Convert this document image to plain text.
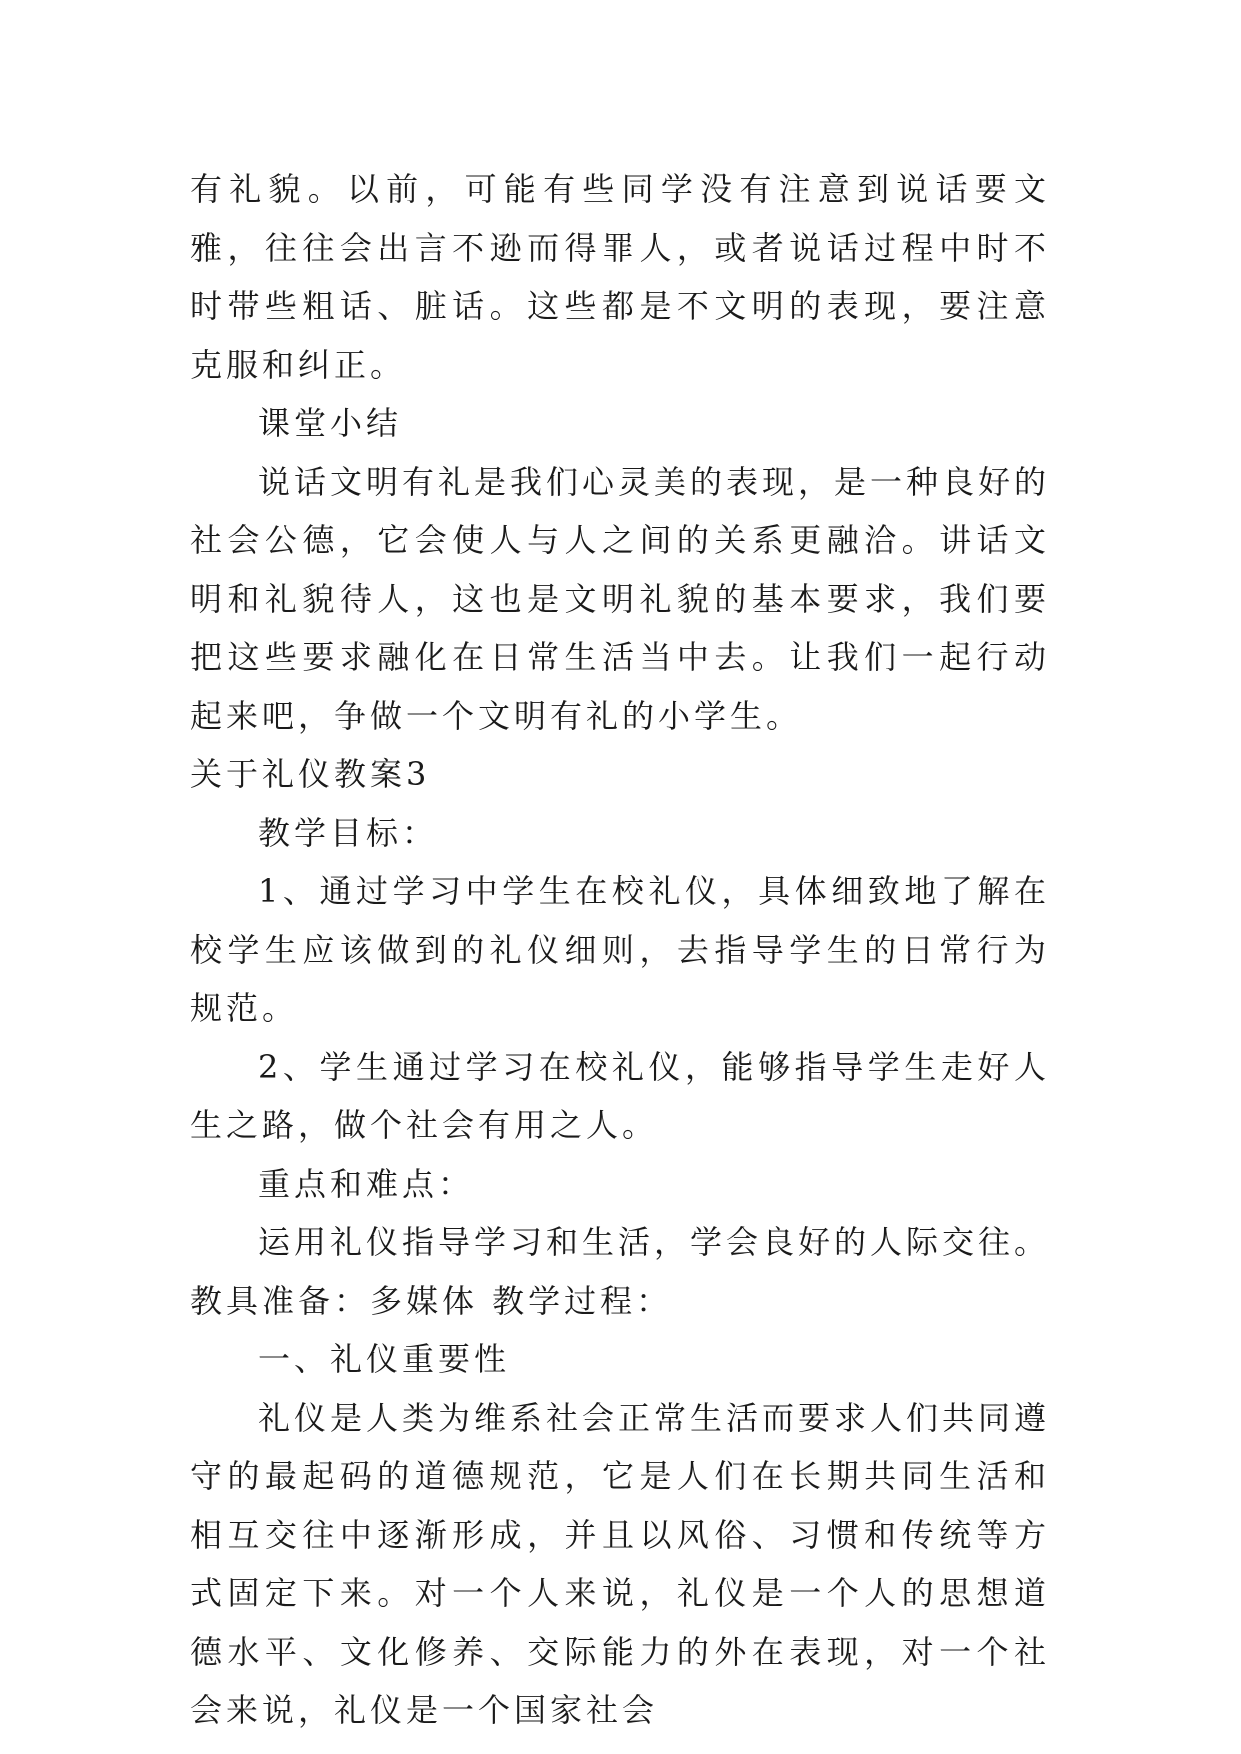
有礼貌。以前，可能有些同学没有注意到说话要文雅，往往会出言不逊而得罪人，或者说话过程中时不时带些粗话、脏话。这些都是不文明的表现，要注意克服和纠正。

课堂小结

说话文明有礼是我们心灵美的表现，是一种良好的社会公德，它会使人与人之间的关系更融洽。讲话文明和礼貌待人，这也是文明礼貌的基本要求，我们要把这些要求融化在日常生活当中去。让我们一起行动起来吧，争做一个文明有礼的小学生。

关于礼仪教案3

教学目标：

1、通过学习中学生在校礼仪，具体细致地了解在校学生应该做到的礼仪细则，去指导学生的日常行为规范。

2、学生通过学习在校礼仪，能够指导学生走好人生之路，做个社会有用之人。

重点和难点：

运用礼仪指导学习和生活，学会良好的人际交往。 教具准备：多媒体 教学过程：

一、礼仪重要性

礼仪是人类为维系社会正常生活而要求人们共同遵守的最起码的道德规范，它是人们在长期共同生活和相互交往中逐渐形成，并且以风俗、习惯和传统等方式固定下来。对一个人来说，礼仪是一个人的思想道德水平、文化修养、交际能力的外在表现，对一个社会来说，礼仪是一个国家社会
